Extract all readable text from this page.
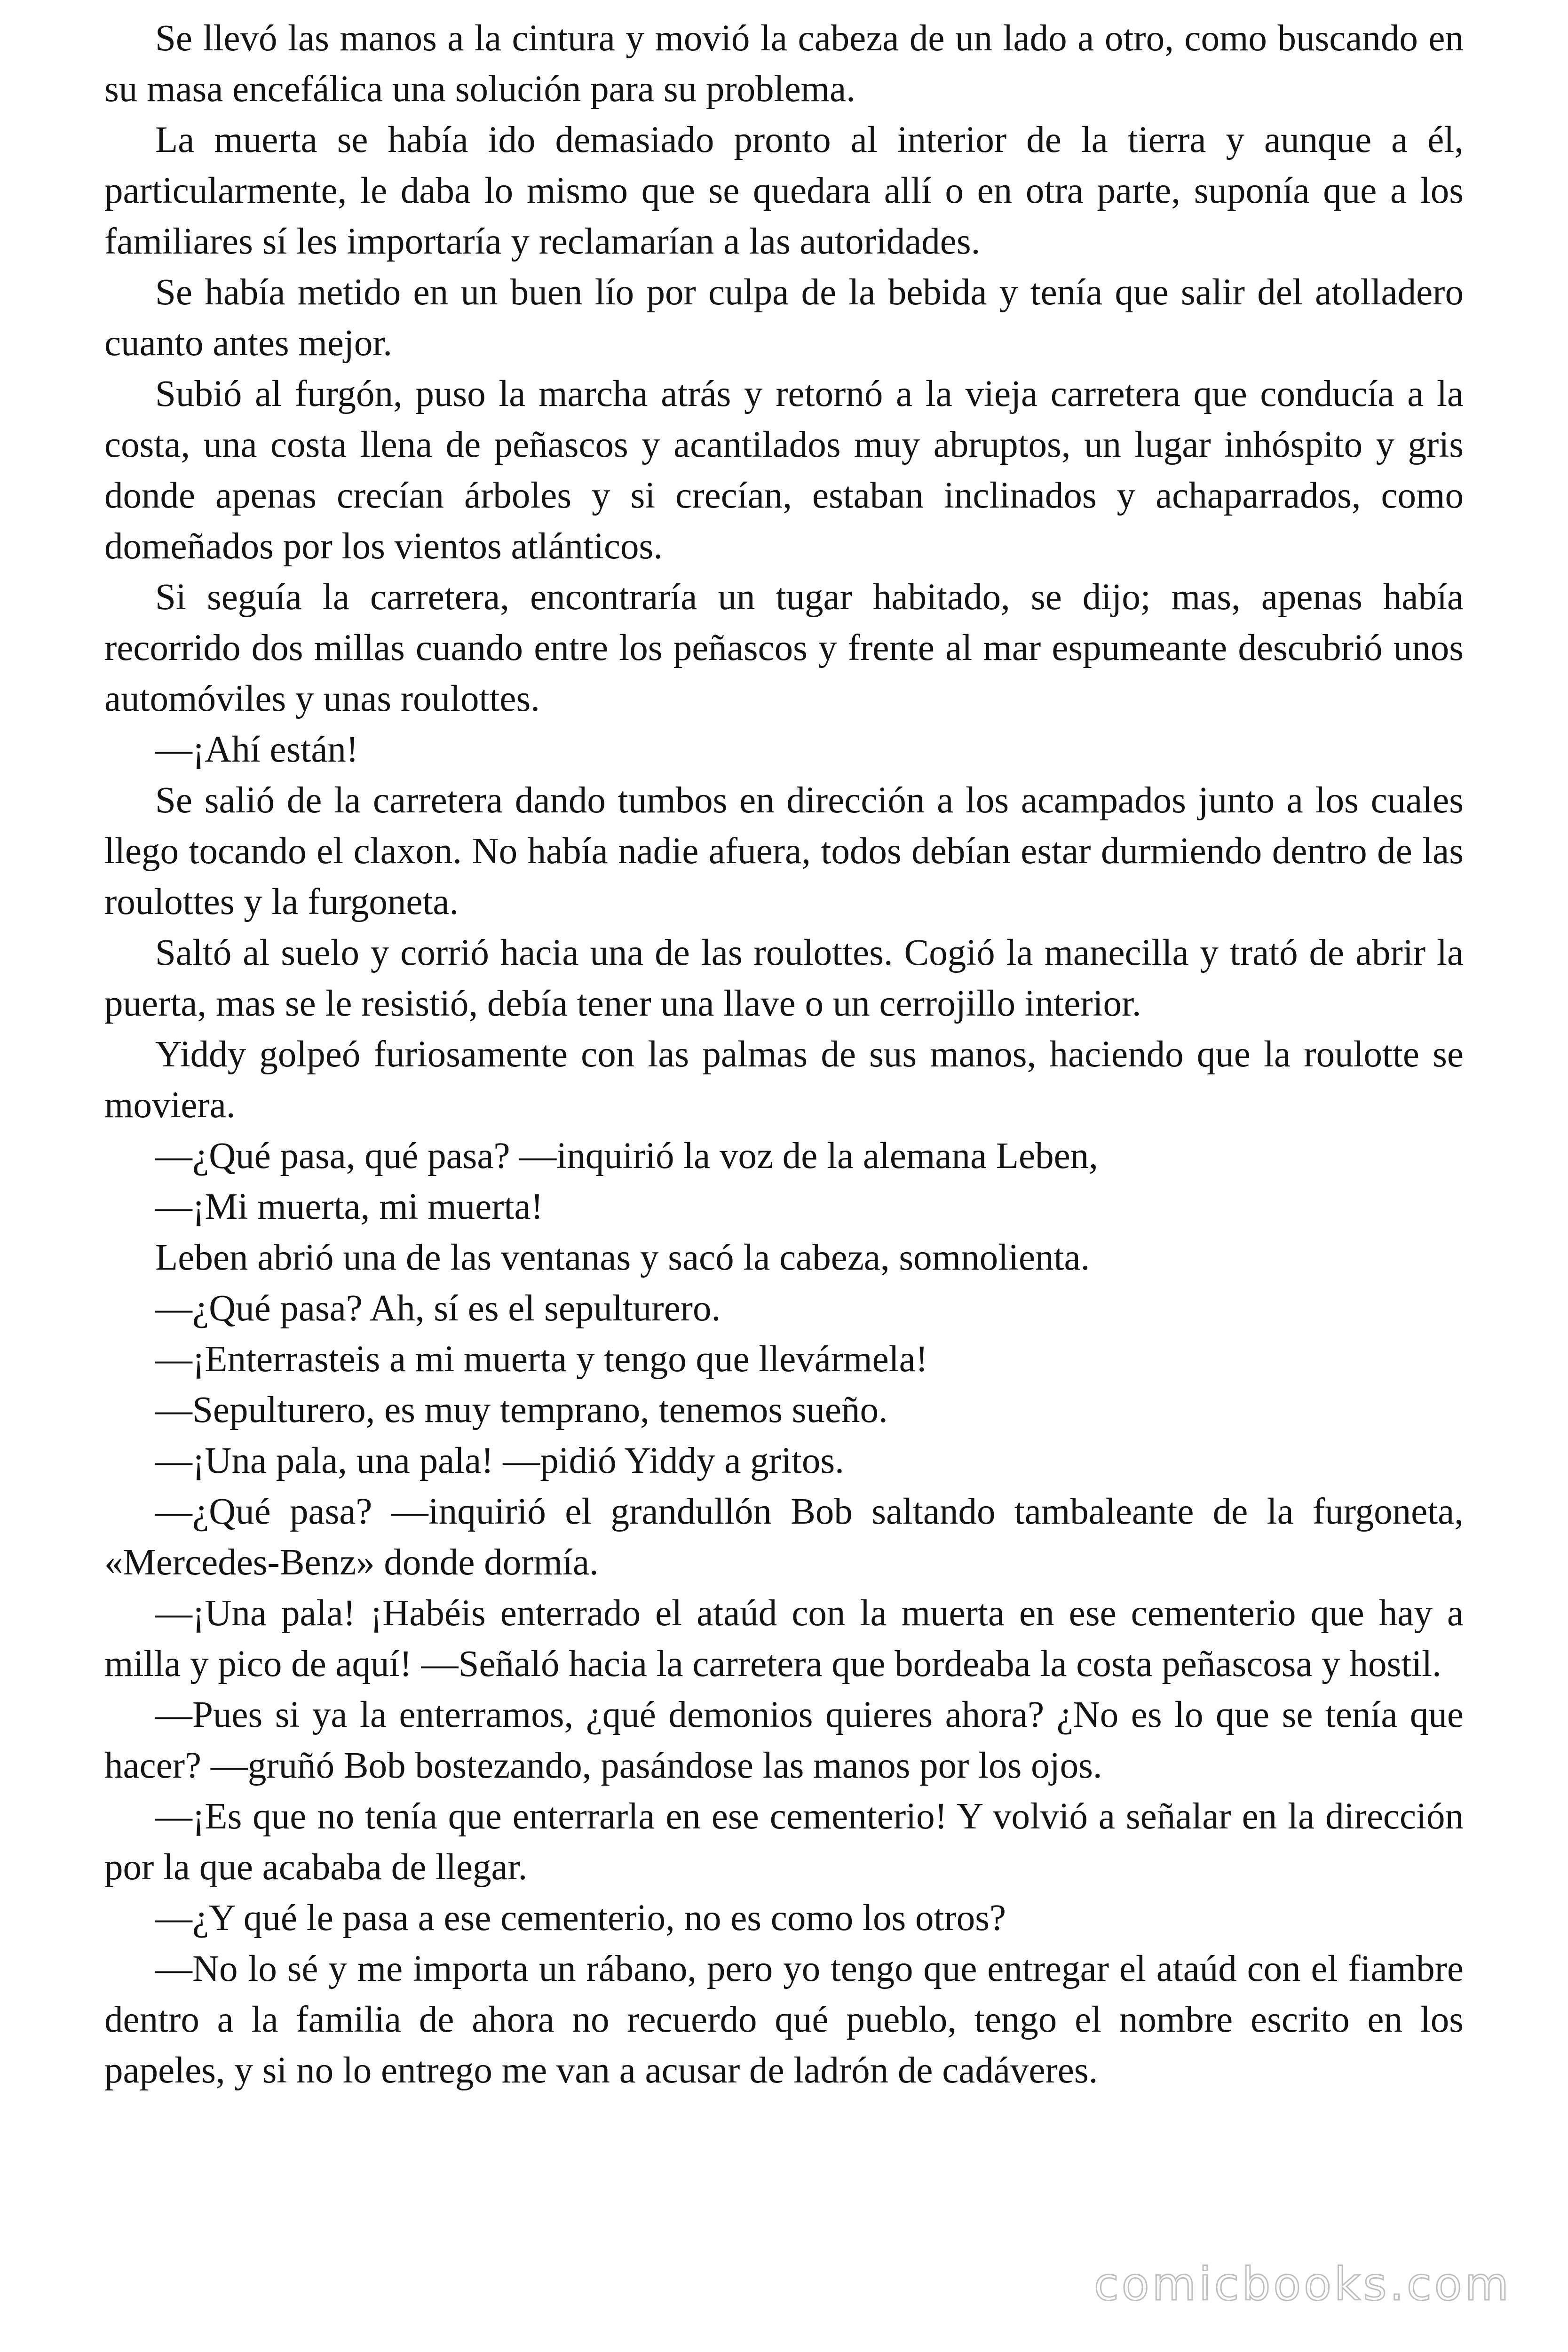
Se llevó las manos a la cintura y movió la cabeza de un lado a otro, como buscando en su masa encefálica una solución para su problema.

La muerta se había ido demasiado pronto al interior de la tierra y aunque a él, particularmente, le daba lo mismo que se quedara allí o en otra parte, suponía que a los familiares sí les importaría y reclamarían a las autoridades.

Se había metido en un buen lío por culpa de la bebida y tenía que salir del atolladero cuanto antes mejor.

Subió al furgón, puso la marcha atrás y retornó a la vieja carretera que conducía a la costa, una costa llena de peñascos y acantilados muy abruptos, un lugar inhóspito y gris donde apenas crecían árboles y si crecían, estaban inclinados y achaparrados, como domeñados por los vientos atlánticos.

Si seguía la carretera, encontraría un tugar habitado, se dijo; mas, apenas había recorrido dos millas cuando entre los peñascos y frente al mar espumeante descubrió unos automóviles y unas roulottes.

—¡Ahí están!

Se salió de la carretera dando tumbos en dirección a los acampados junto a los cuales llego tocando el claxon. No había nadie afuera, todos debían estar durmiendo dentro de las roulottes y la furgoneta.

Saltó al suelo y corrió hacia una de las roulottes. Cogió la manecilla y trató de abrir la puerta, mas se le resistió, debía tener una llave o un cerrojillo interior.

Yiddy golpeó furiosamente con las palmas de sus manos, haciendo que la roulotte se moviera.

—¿Qué pasa, qué pasa? —inquirió la voz de la alemana Leben,

—¡Mi muerta, mi muerta!

Leben abrió una de las ventanas y sacó la cabeza, somnolienta.

—¿Qué pasa? Ah, sí es el sepulturero.

—¡Enterrasteis a mi muerta y tengo que llevármela!

—Sepulturero, es muy temprano, tenemos sueño.

—¡Una pala, una pala! —pidió Yiddy a gritos.

—¿Qué pasa? —inquirió el grandullón Bob saltando tambaleante de la furgoneta, «Mercedes-Benz» donde dormía.

—¡Una pala! ¡Habéis enterrado el ataúd con la muerta en ese cementerio que hay a milla y pico de aquí! —Señaló hacia la carretera que bordeaba la costa peñascosa y hostil.

—Pues si ya la enterramos, ¿qué demonios quieres ahora? ¿No es lo que se tenía que hacer? —gruñó Bob bostezando, pasándose las manos por los ojos.

—¡Es que no tenía que enterrarla en ese cementerio! Y volvió a señalar en la dirección por la que acababa de llegar.

—¿Y qué le pasa a ese cementerio, no es como los otros?

—No lo sé y me importa un rábano, pero yo tengo que entregar el ataúd con el fiambre dentro a la familia de ahora no recuerdo qué pueblo, tengo el nombre escrito en los papeles, y si no lo entrego me van a acusar de ladrón de cadáveres.

comicbooks.com
